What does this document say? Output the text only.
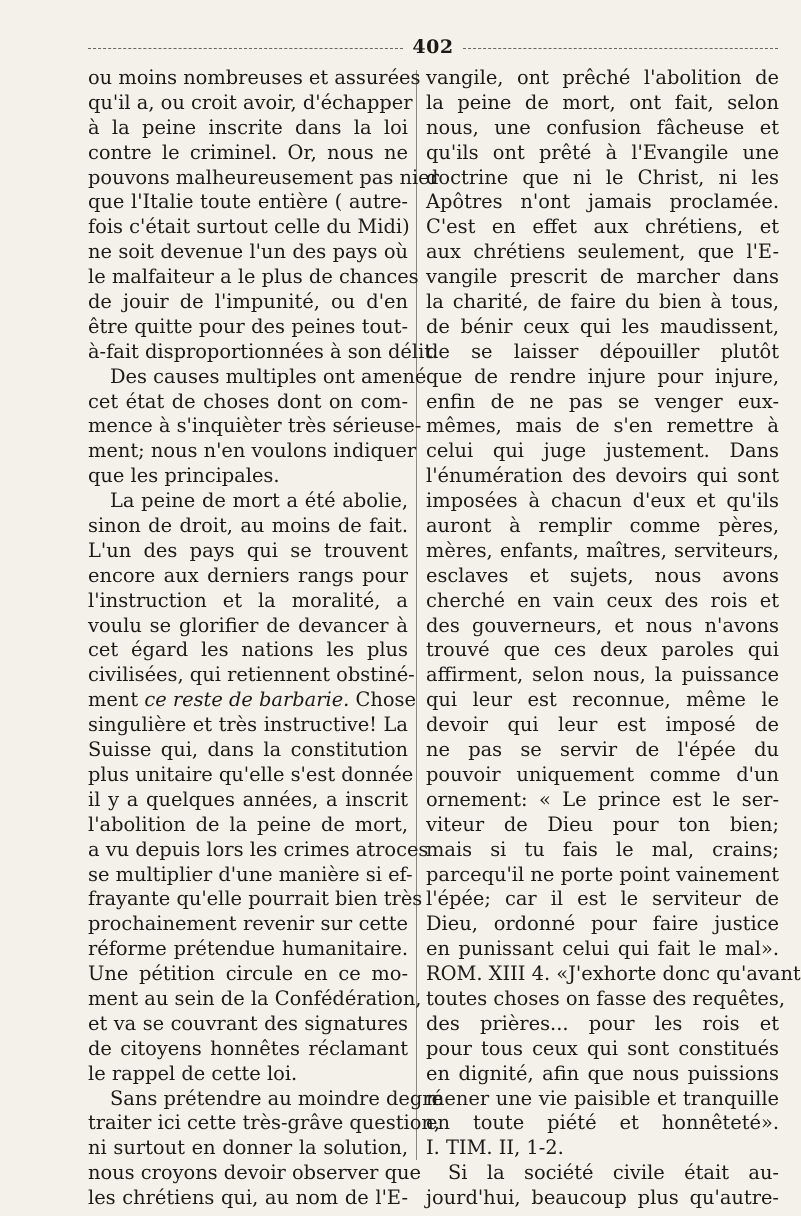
402
ou moins nombreuses et assurées
qu'il a, ou croit avoir, d'échapper
à la peine inscrite dans la loi
contre le criminel. Or, nous ne
pouvons malheureusement pas nier
que l'Italie toute entière ( autre-
fois c'était surtout celle du Midi)
ne soit devenue l'un des pays où
le malfaiteur a le plus de chances
de jouir de l'impunité, ou d'en
être quitte pour des peines tout-
à-fait disproportionnées à son délit.
Des causes multiples ont amené
cet état de choses dont on com-
mence à s'inquièter très sérieuse-
ment; nous n'en voulons indiquer
que les principales.
La peine de mort a été abolie,
sinon de droit, au moins de fait.
L'un des pays qui se trouvent
encore aux derniers rangs pour
l'instruction et la moralité, a
voulu se glorifier de devancer à
cet égard les nations les plus
civilisées, qui retiennent obstiné-
ment ce reste de barbarie. Chose
singulière et très instructive! La
Suisse qui, dans la constitution
plus unitaire qu'elle s'est donnée
il y a quelques années, a inscrit
l'abolition de la peine de mort,
a vu depuis lors les crimes atroces
se multiplier d'une manière si ef-
frayante qu'elle pourrait bien très
prochainement revenir sur cette
réforme prétendue humanitaire.
Une pétition circule en ce mo-
ment au sein de la Confédération,
et va se couvrant des signatures
de citoyens honnêtes réclamant
le rappel de cette loi.
Sans prétendre au moindre degré
traiter ici cette très-grâve question,
ni surtout en donner la solution,
nous croyons devoir observer que
les chrétiens qui, au nom de l'E-
vangile, ont prêché l'abolition de
la peine de mort, ont fait, selon
nous, une confusion fâcheuse et
qu'ils ont prêté à l'Evangile une
doctrine que ni le Christ, ni les
Apôtres n'ont jamais proclamée.
C'est en effet aux chrétiens, et
aux chrétiens seulement, que l'E-
vangile prescrit de marcher dans
la charité, de faire du bien à tous,
de bénir ceux qui les maudissent,
de se laisser dépouiller plutôt
que de rendre injure pour injure,
enfin de ne pas se venger eux-
mêmes, mais de s'en remettre à
celui qui juge justement. Dans
l'énumération des devoirs qui sont
imposées à chacun d'eux et qu'ils
auront à remplir comme pères,
mères, enfants, maîtres, serviteurs,
esclaves et sujets, nous avons
cherché en vain ceux des rois et
des gouverneurs, et nous n'avons
trouvé que ces deux paroles qui
affirment, selon nous, la puissance
qui leur est reconnue, même le
devoir qui leur est imposé de
ne pas se servir de l'épée du
pouvoir uniquement comme d'un
ornement: « Le prince est le ser-
viteur de Dieu pour ton bien;
mais si tu fais le mal, crains;
parcequ'il ne porte point vainement
l'épée; car il est le serviteur de
Dieu, ordonné pour faire justice
en punissant celui qui fait le mal».
ROM. XIII 4. «J'exhorte donc qu'avant
toutes choses on fasse des requêtes,
des prières... pour les rois et
pour tous ceux qui sont constitués
en dignité, afin que nous puissions
mener une vie paisible et tranquille
en toute piété et honnêteté».
I. TIM. II, 1-2.
Si la société civile était au-
jourd'hui, beaucoup plus qu'autre-
